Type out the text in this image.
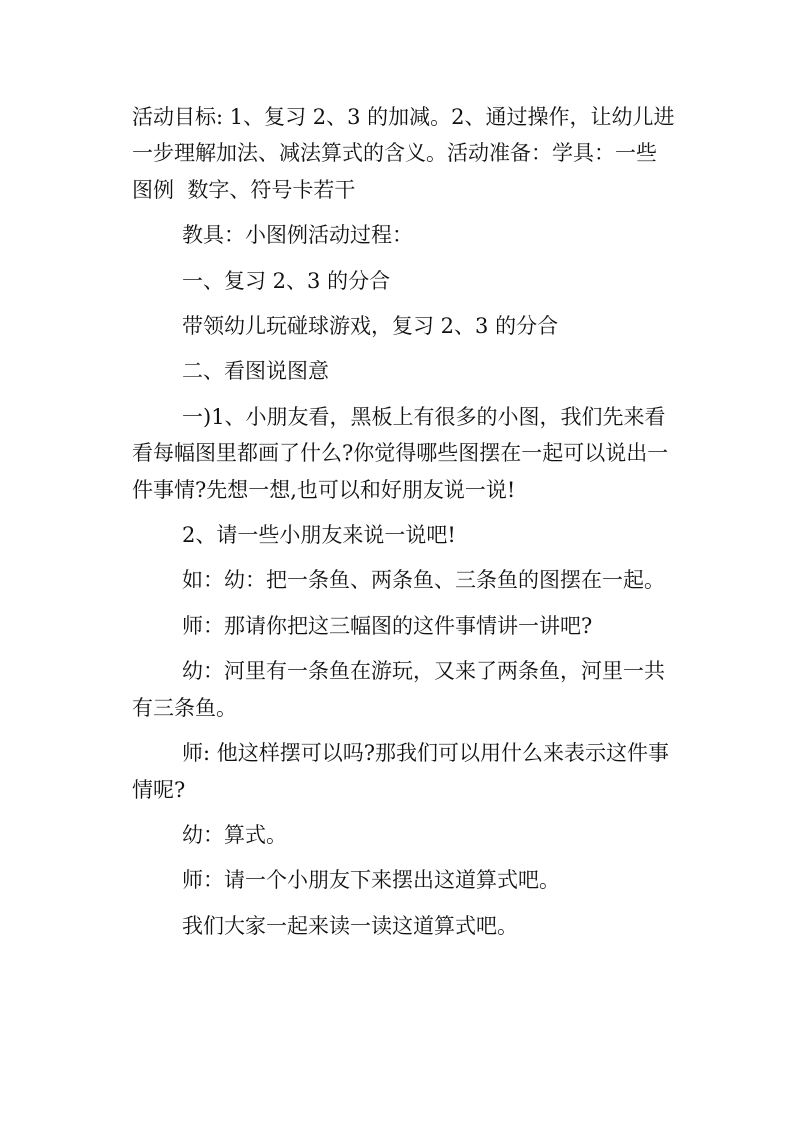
活动目标: 1、复习 2、3 的加减。2、通过操作，让幼儿进一步理解加法、减法算式的含义。活动准备：学具：一些图例  数字、符号卡若干

教具：小图例活动过程：

一、复习 2、3 的分合

带领幼儿玩碰球游戏，复习 2、3 的分合

二、看图说图意

一)1、小朋友看，黑板上有很多的小图，我们先来看看每幅图里都画了什么?你觉得哪些图摆在一起可以说出一件事情?先想一想,也可以和好朋友说一说!

2、请一些小朋友来说一说吧!

如：幼：把一条鱼、两条鱼、三条鱼的图摆在一起。

师：那请你把这三幅图的这件事情讲一讲吧?

幼：河里有一条鱼在游玩，又来了两条鱼，河里一共有三条鱼。

师: 他这样摆可以吗?那我们可以用什么来表示这件事情呢?

幼：算式。

师：请一个小朋友下来摆出这道算式吧。

我们大家一起来读一读这道算式吧。
